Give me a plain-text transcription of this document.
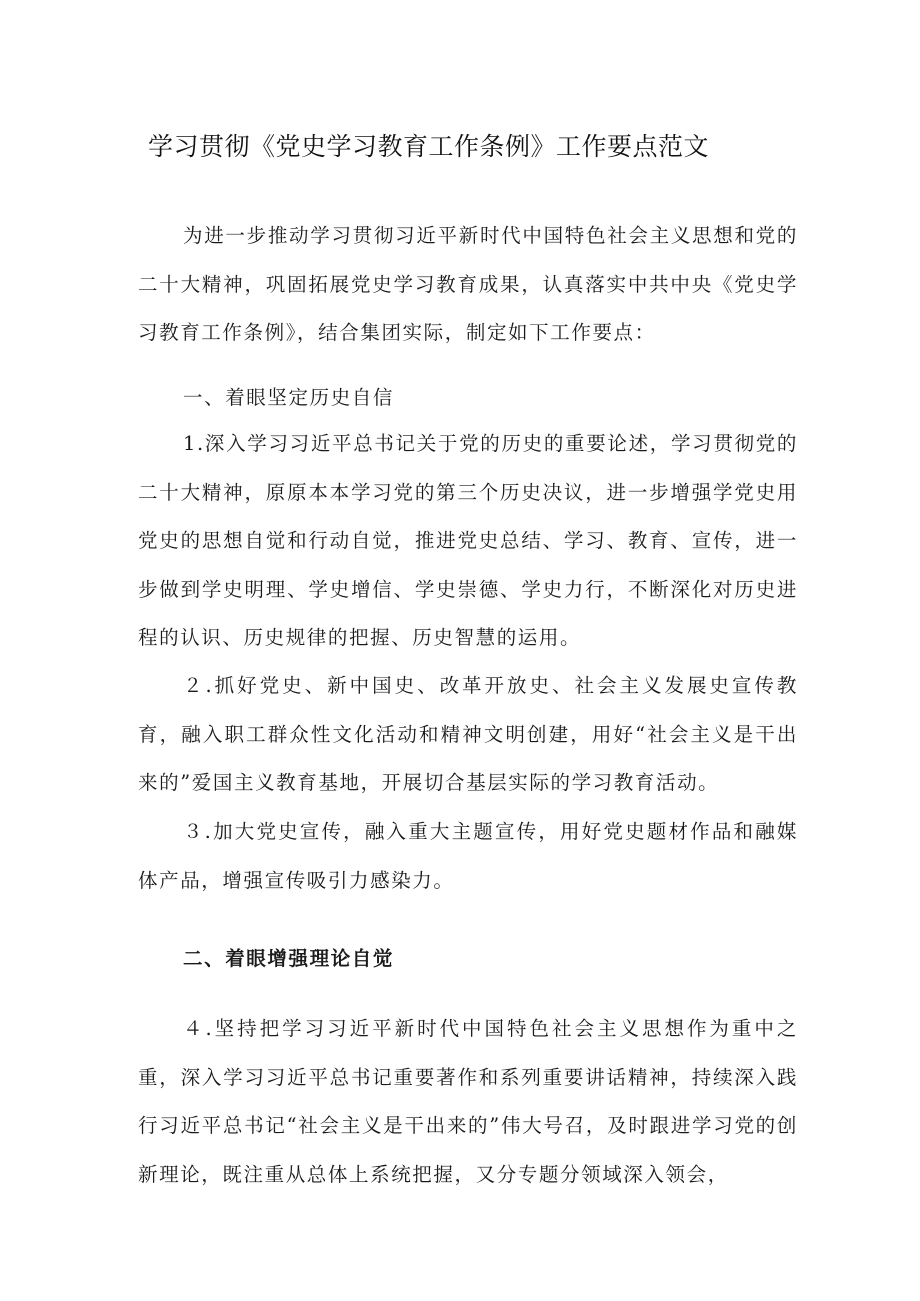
学习贯彻《党史学习教育工作条例》工作要点范文

为进一步推动学习贯彻习近平新时代中国特色社会主义思想和党的二十大精神，巩固拓展党史学习教育成果，认真落实中共中央《党史学习教育工作条例》，结合集团实际，制定如下工作要点：

一、着眼坚定历史自信

1.深入学习习近平总书记关于党的历史的重要论述，学习贯彻党的二十大精神，原原本本学习党的第三个历史决议，进一步增强学党史用党史的思想自觉和行动自觉，推进党史总结、学习、教育、宣传，进一步做到学史明理、学史增信、学史崇德、学史力行，不断深化对历史进程的认识、历史规律的把握、历史智慧的运用。

２.抓好党史、新中国史、改革开放史、社会主义发展史宣传教育，融入职工群众性文化活动和精神文明创建，用好“社会主义是干出来的”爱国主义教育基地，开展切合基层实际的学习教育活动。

３.加大党史宣传，融入重大主题宣传，用好党史题材作品和融媒体产品，增强宣传吸引力感染力。

二、着眼增强理论自觉

４.坚持把学习习近平新时代中国特色社会主义思想作为重中之重，深入学习习近平总书记重要著作和系列重要讲话精神，持续深入践行习近平总书记“社会主义是干出来的”伟大号召，及时跟进学习党的创新理论，既注重从总体上系统把握，又分专题分领域深入领会，
